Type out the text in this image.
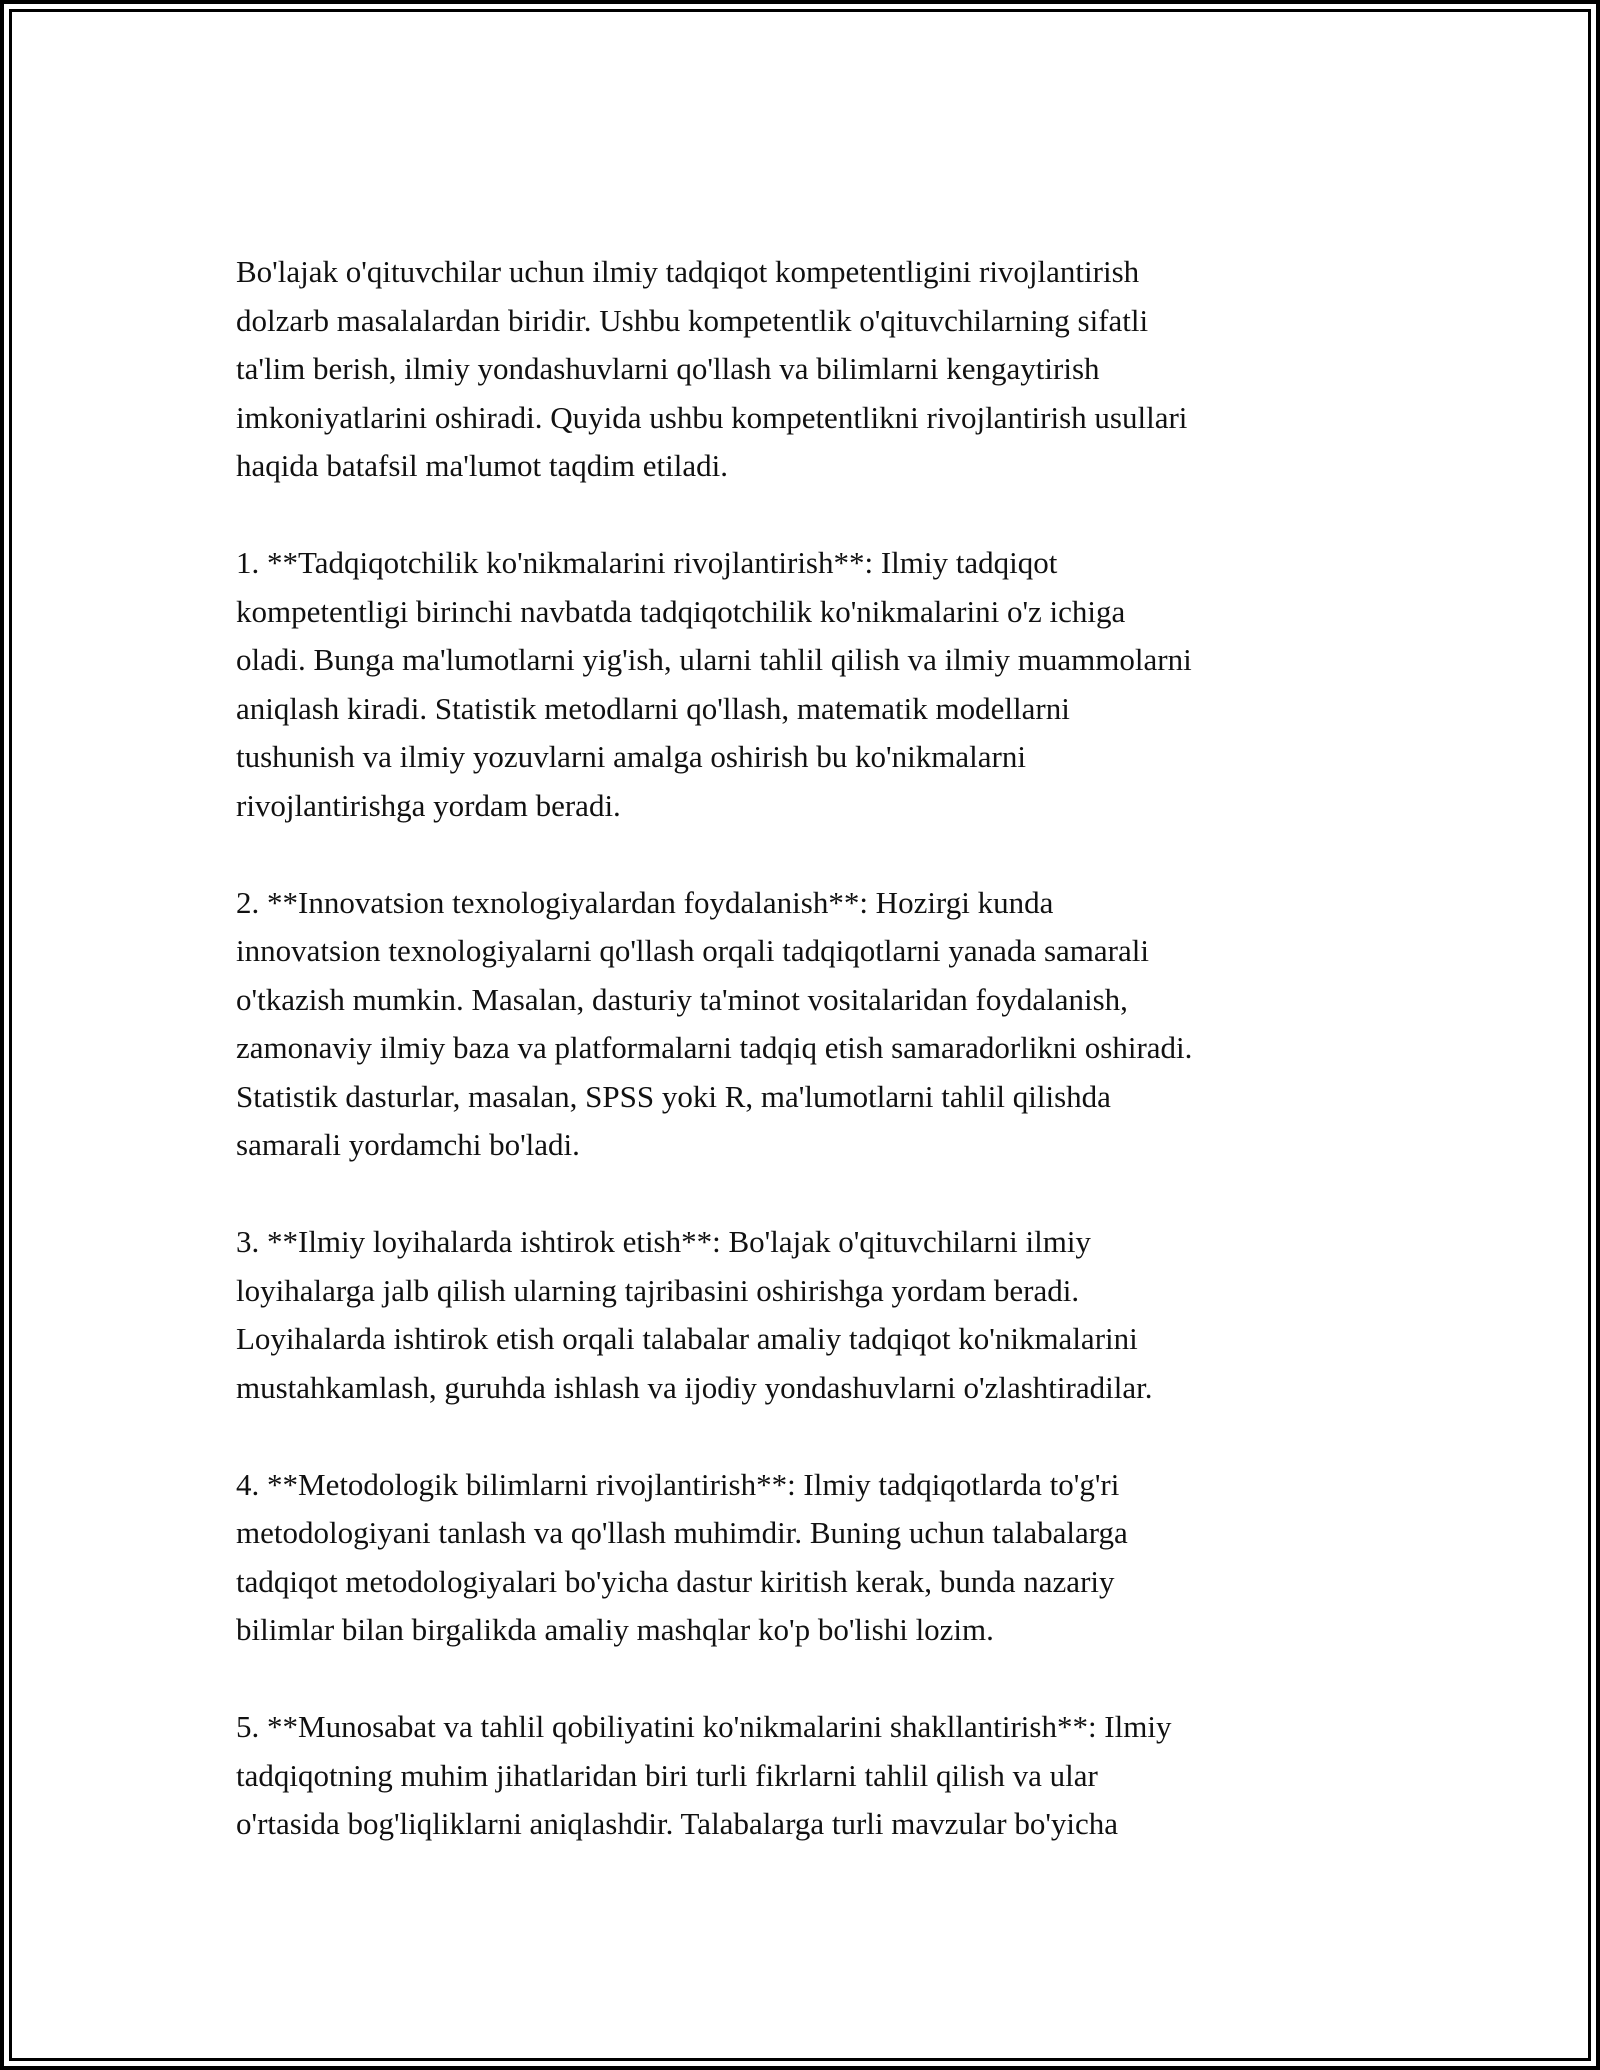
Bo'lajak o'qituvchilar uchun ilmiy tadqiqot kompetentligini rivojlantirish
dolzarb masalalardan biridir. Ushbu kompetentlik o'qituvchilarning sifatli
ta'lim berish, ilmiy yondashuvlarni qo'llash va bilimlarni kengaytirish
imkoniyatlarini oshiradi. Quyida ushbu kompetentlikni rivojlantirish usullari
haqida batafsil ma'lumot taqdim etiladi.
1. **Tadqiqotchilik ko'nikmalarini rivojlantirish**: Ilmiy tadqiqot
kompetentligi birinchi navbatda tadqiqotchilik ko'nikmalarini o'z ichiga
oladi. Bunga ma'lumotlarni yig'ish, ularni tahlil qilish va ilmiy muammolarni
aniqlash kiradi. Statistik metodlarni qo'llash, matematik modellarni
tushunish va ilmiy yozuvlarni amalga oshirish bu ko'nikmalarni
rivojlantirishga yordam beradi.
2. **Innovatsion texnologiyalardan foydalanish**: Hozirgi kunda
innovatsion texnologiyalarni qo'llash orqali tadqiqotlarni yanada samarali
o'tkazish mumkin. Masalan, dasturiy ta'minot vositalaridan foydalanish,
zamonaviy ilmiy baza va platformalarni tadqiq etish samaradorlikni oshiradi.
Statistik dasturlar, masalan, SPSS yoki R, ma'lumotlarni tahlil qilishda
samarali yordamchi bo'ladi.
3. **Ilmiy loyihalarda ishtirok etish**: Bo'lajak o'qituvchilarni ilmiy
loyihalarga jalb qilish ularning tajribasini oshirishga yordam beradi.
Loyihalarda ishtirok etish orqali talabalar amaliy tadqiqot ko'nikmalarini
mustahkamlash, guruhda ishlash va ijodiy yondashuvlarni o'zlashtiradilar.
4. **Metodologik bilimlarni rivojlantirish**: Ilmiy tadqiqotlarda to'g'ri
metodologiyani tanlash va qo'llash muhimdir. Buning uchun talabalarga
tadqiqot metodologiyalari bo'yicha dastur kiritish kerak, bunda nazariy
bilimlar bilan birgalikda amaliy mashqlar ko'p bo'lishi lozim.
5. **Munosabat va tahlil qobiliyatini ko'nikmalarini shakllantirish**: Ilmiy
tadqiqotning muhim jihatlaridan biri turli fikrlarni tahlil qilish va ular
o'rtasida bog'liqliklarni aniqlashdir. Talabalarga turli mavzular bo'yicha
